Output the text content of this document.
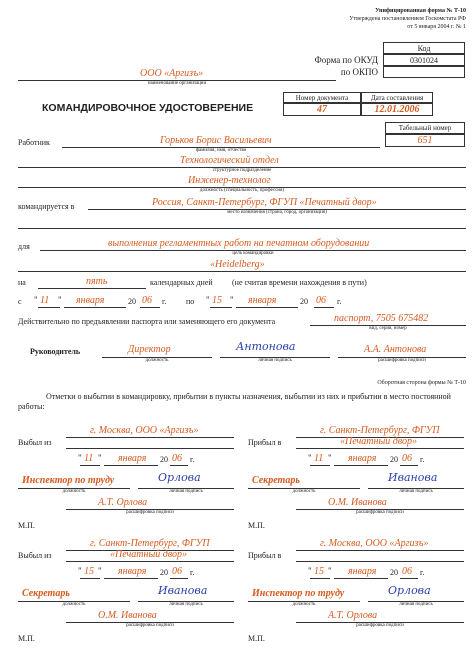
Унифицированная форма № Т-10
Утверждена постановлением Госкомстата РФ
от 5 января 2004 г. № 1
Код
0301024
Форма по ОКУД
по ОКПО
ООО «Аргизъ»
наименование организации
Номер документа	Дата составления
47	12.01.2006
КОМАНДИРОВОЧНОЕ УДОСТОВЕРЕНИЕ
Табельный номер
651
Работник	Горьков Борис Васильевич
фамилия, имя, отчество
Технологический отдел
структурное подразделение
Инженер-технолог
должность (специальность, профессия)
командируется в	Россия, Санкт-Петербург, ФГУП «Печатный двор»
место назначения (страна, город, организация)
для	выполнения регламентных работ на печатном оборудовании
цель командировки
«Heidelberg»
на	пять	календарных дней (не считая времени нахождения в пути)
с " 11 " января	20 06 г. по " 15 " января	20 06 г.
Действительно по предъявлении паспорта или заменяющего его документа	паспорт, 7505 675482
вид, серия, номер
Руководитель	Директор
должность
Антонова
личная подпись
А.А. Антонова
расшифровка подписи
Оборотная сторона формы № Т-10
Отметки о выбытии в командировку, прибытии в пункты назначения, выбытии из них и прибытии в место постоянной работы:
Выбыл из
г. Москва, ООО «Аргизъ»
" 11 " января 20 06 г.
Инспектор по труду
должность
Орлова
личная подпись
А.Т. Орлова
расшифровка подписи
М.П.
Прибыл в
г. Санкт-Петербург, ФГУП
«Печатный двор»
" 11 " января 20 06 г.
Секретарь
должность
Иванова
личная подпись
О.М. Иванова
расшифровка подписи
М.П.
Выбыл из
г. Санкт-Петербург, ФГУП
«Печатный двор»
" 15 " января 20 06 г.
Секретарь
должность
Иванова
личная подпись
О.М. Иванова
расшифровка подписи
М.П.
Прибыл в
г. Москва, ООО «Аргизъ»
" 15 " января 20 06 г.
Инспектор по труду
должность
Орлова
личная подпись
А.Т. Орлова
расшифровка подписи
М.П.
